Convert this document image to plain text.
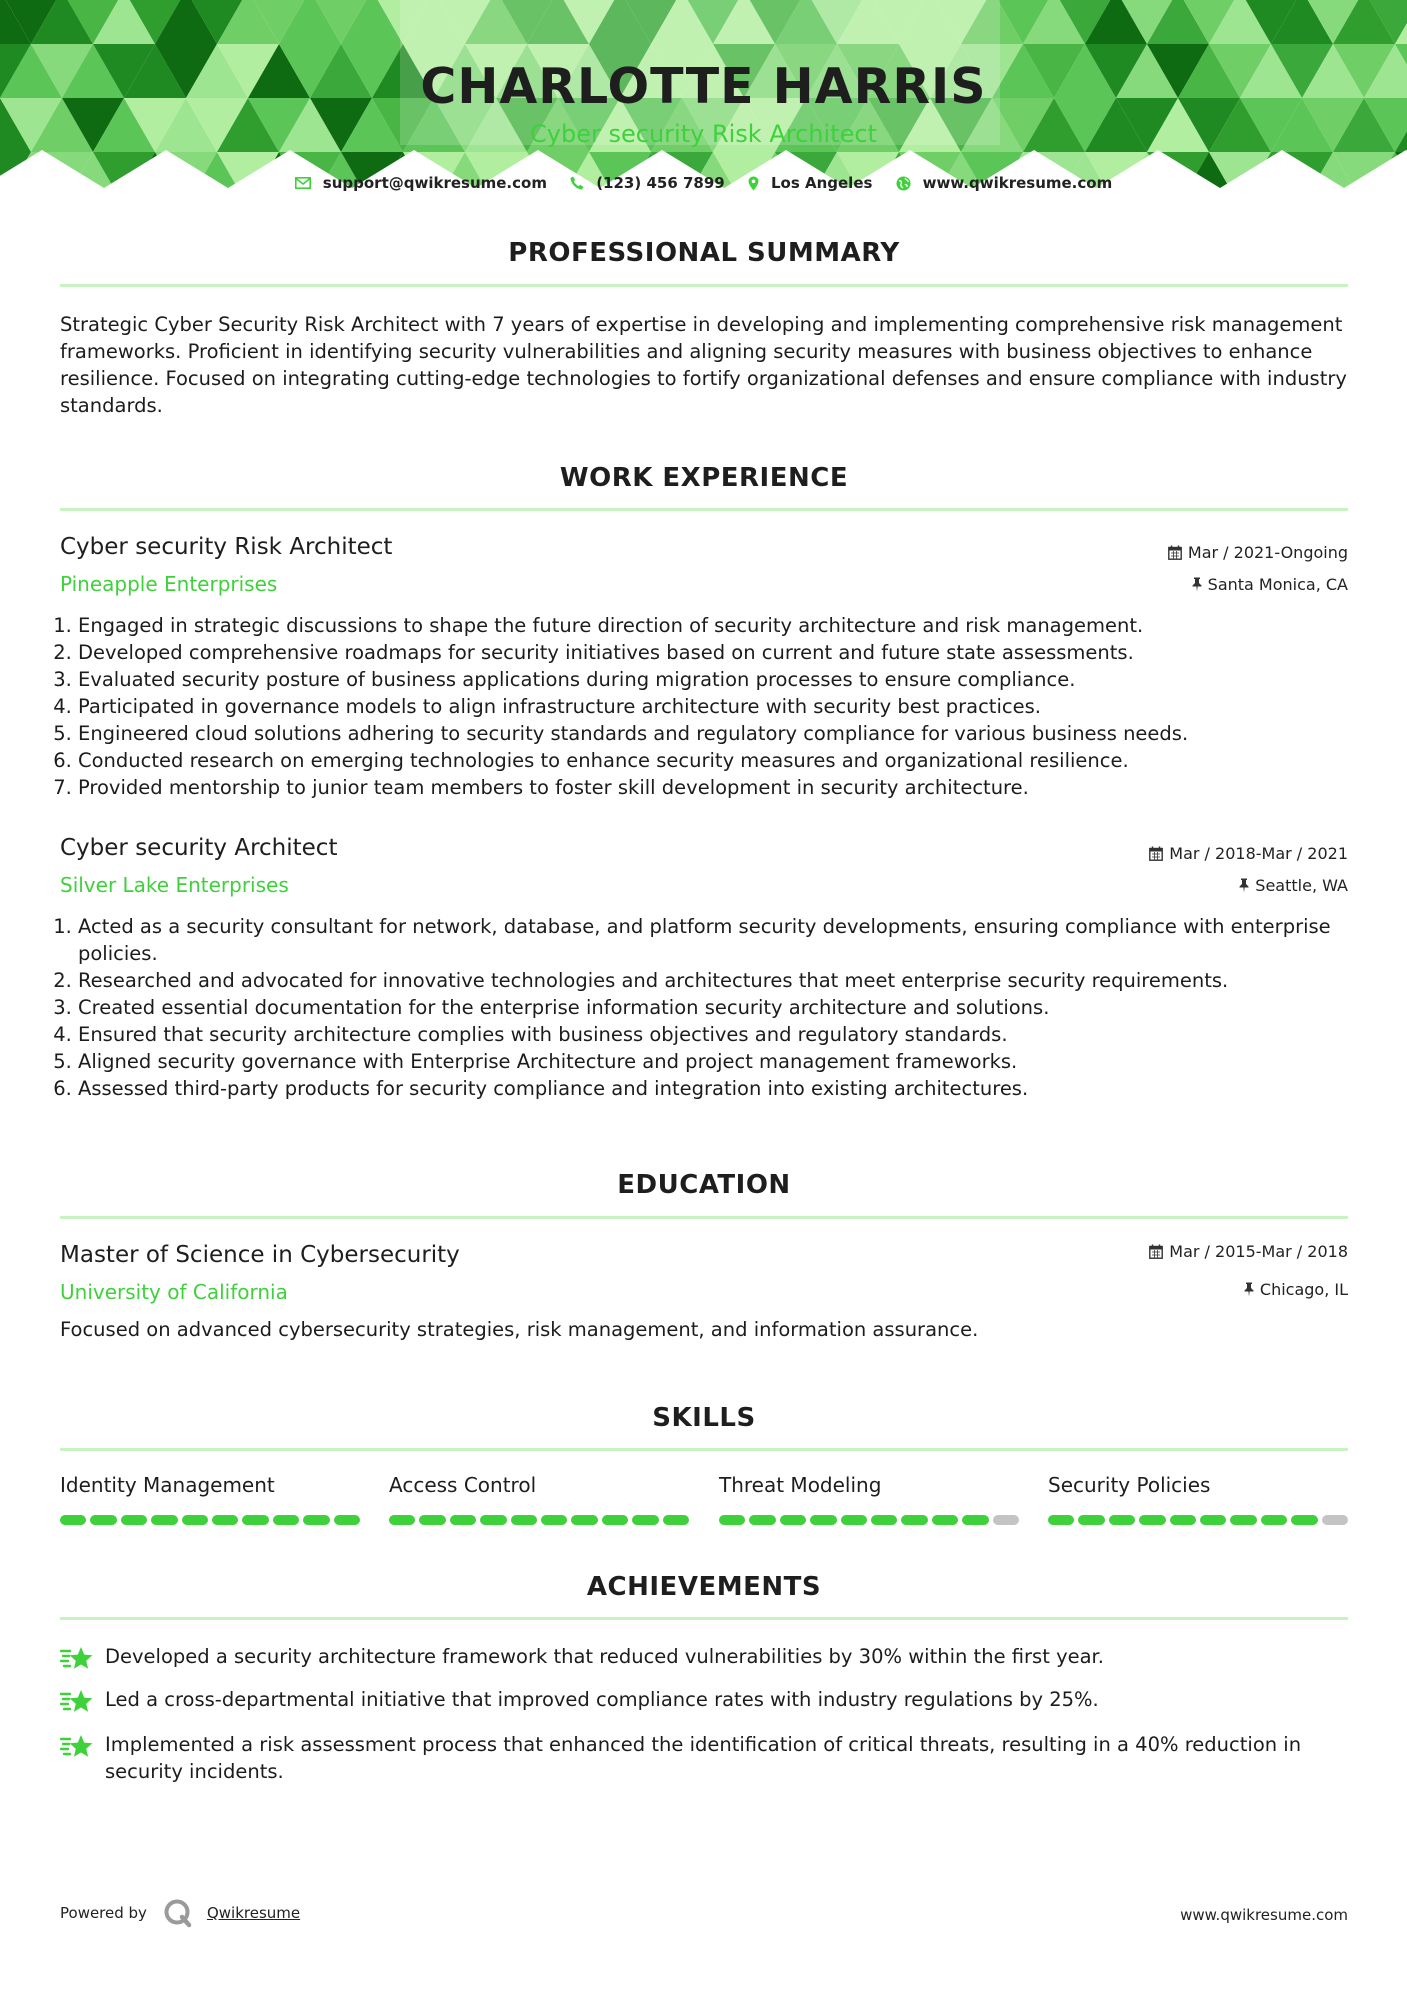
CHARLOTTE HARRIS
Cyber security Risk Architect
support@qwikresume.com	(123) 456 7899	Los Angeles	www.qwikresume.com
PROFESSIONAL SUMMARY

Strategic Cyber Security Risk Architect with 7 years of expertise in developing and implementing comprehensive risk management frameworks. Proficient in identifying security vulnerabilities and aligning security measures with business objectives to enhance resilience. Focused on integrating cutting-edge technologies to fortify organizational defenses and ensure compliance with industry standards.

WORK EXPERIENCE
Cyber security Risk Architect
Pineapple Enterprises
Mar / 2021-Ongoing
Santa Monica, CA
1. Engaged in strategic discussions to shape the future direction of security architecture and risk management.
2. Developed comprehensive roadmaps for security initiatives based on current and future state assessments.
3. Evaluated security posture of business applications during migration processes to ensure compliance.
4. Participated in governance models to align infrastructure architecture with security best practices.
5. Engineered cloud solutions adhering to security standards and regulatory compliance for various business needs.
6. Conducted research on emerging technologies to enhance security measures and organizational resilience.
7. Provided mentorship to junior team members to foster skill development in security architecture.
Cyber security Architect
Silver Lake Enterprises
Mar / 2018-Mar / 2021
Seattle, WA
1. Acted as a security consultant for network, database, and platform security developments, ensuring compliance with enterprise policies.
2. Researched and advocated for innovative technologies and architectures that meet enterprise security requirements.
3. Created essential documentation for the enterprise information security architecture and solutions.
4. Ensured that security architecture complies with business objectives and regulatory standards.
5. Aligned security governance with Enterprise Architecture and project management frameworks.
6. Assessed third-party products for security compliance and integration into existing architectures.
EDUCATION
Master of Science in Cybersecurity
University of California
Mar / 2015-Mar / 2018
Chicago, IL

Focused on advanced cybersecurity strategies, risk management, and information assurance.

SKILLS
Identity Management	Access Control	Threat Modeling	Security Policies
ACHIEVEMENTS
Developed a security architecture framework that reduced vulnerabilities by 30% within the first year.
Led a cross-departmental initiative that improved compliance rates with industry regulations by 25%.
Implemented a risk assessment process that enhanced the identification of critical threats, resulting in a 40% reduction in security incidents.
Powered by	Qwikresume	www.qwikresume.com
